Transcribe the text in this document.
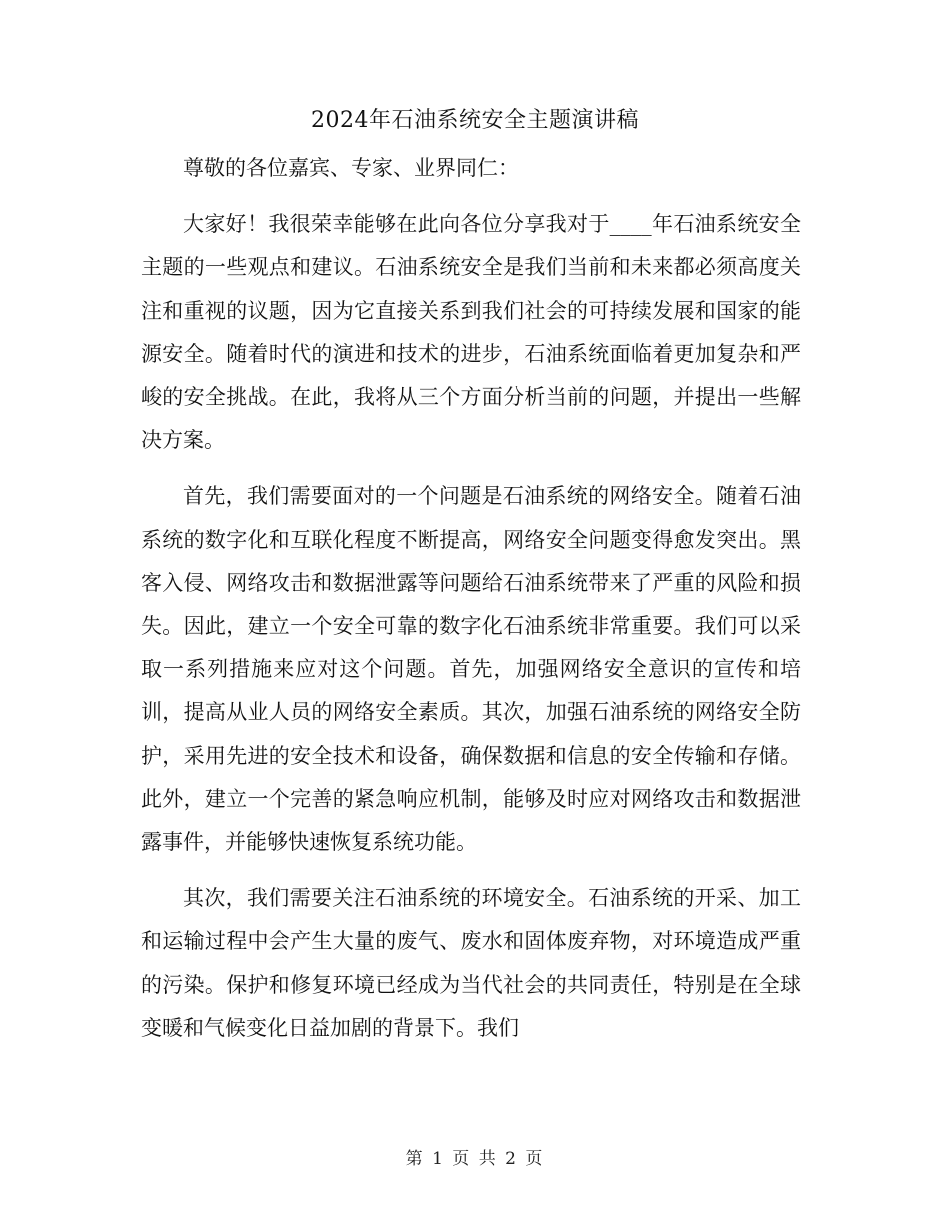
2024年石油系统安全主题演讲稿

尊敬的各位嘉宾、专家、业界同仁：

大家好！我很荣幸能够在此向各位分享我对于____年石油系统安全主题的一些观点和建议。石油系统安全是我们当前和未来都必须高度关注和重视的议题，因为它直接关系到我们社会的可持续发展和国家的能源安全。随着时代的演进和技术的进步，石油系统面临着更加复杂和严峻的安全挑战。在此，我将从三个方面分析当前的问题，并提出一些解决方案。

首先，我们需要面对的一个问题是石油系统的网络安全。随着石油系统的数字化和互联化程度不断提高，网络安全问题变得愈发突出。黑客入侵、网络攻击和数据泄露等问题给石油系统带来了严重的风险和损失。因此，建立一个安全可靠的数字化石油系统非常重要。我们可以采取一系列措施来应对这个问题。首先，加强网络安全意识的宣传和培训，提高从业人员的网络安全素质。其次，加强石油系统的网络安全防护，采用先进的安全技术和设备，确保数据和信息的安全传输和存储。此外，建立一个完善的紧急响应机制，能够及时应对网络攻击和数据泄露事件，并能够快速恢复系统功能。

其次，我们需要关注石油系统的环境安全。石油系统的开采、加工和运输过程中会产生大量的废气、废水和固体废弃物，对环境造成严重的污染。保护和修复环境已经成为当代社会的共同责任，特别是在全球变暖和气候变化日益加剧的背景下。我们

第 1 页 共 2 页
